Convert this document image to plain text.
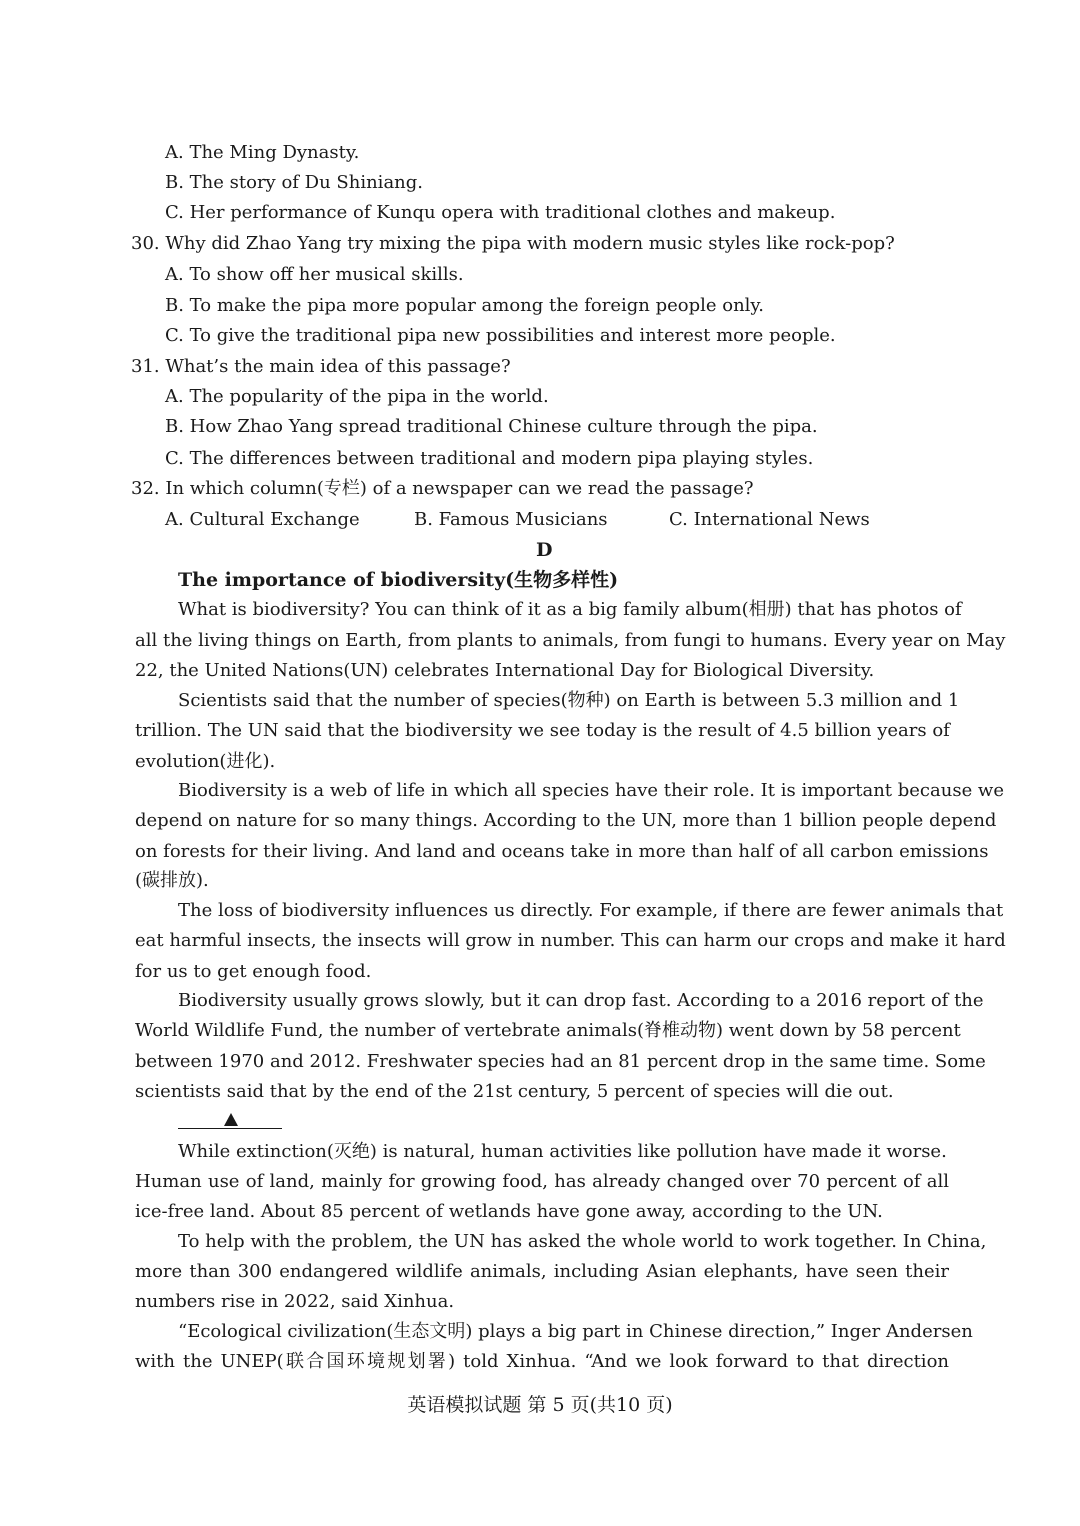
A. The Ming Dynasty.
B. The story of Du Shiniang.
C. Her performance of Kunqu opera with traditional clothes and makeup.
30. Why did Zhao Yang try mixing the pipa with modern music styles like rock-pop?
A. To show off her musical skills.
B. To make the pipa more popular among the foreign people only.
C. To give the traditional pipa new possibilities and interest more people.
31. What’s the main idea of this passage?
A. The popularity of the pipa in the world.
B. How Zhao Yang spread traditional Chinese culture through the pipa.
C. The differences between traditional and modern pipa playing styles.
32. In which column(专栏) of a newspaper can we read the passage?
A. Cultural Exchange	B. Famous Musicians	C. International News
D
The importance of biodiversity(生物多样性)
What is biodiversity? You can think of it as a big family album(相册) that has photos of
all the living things on Earth, from plants to animals, from fungi to humans. Every year on May
22, the United Nations(UN) celebrates International Day for Biological Diversity.
Scientists said that the number of species(物种) on Earth is between 5.3 million and 1
trillion. The UN said that the biodiversity we see today is the result of 4.5 billion years of
evolution(进化).
Biodiversity is a web of life in which all species have their role. It is important because we
depend on nature for so many things. According to the UN, more than 1 billion people depend
on forests for their living. And land and oceans take in more than half of all carbon emissions
(碳排放).
The loss of biodiversity influences us directly. For example, if there are fewer animals that
eat harmful insects, the insects will grow in number. This can harm our crops and make it hard
for us to get enough food.
Biodiversity usually grows slowly, but it can drop fast. According to a 2016 report of the
World Wildlife Fund, the number of vertebrate animals(脊椎动物) went down by 58 percent
between 1970 and 2012. Freshwater species had an 81 percent drop in the same time. Some
scientists said that by the end of the 21st century, 5 percent of species will die out.
While extinction(灭绝) is natural, human activities like pollution have made it worse.
Human use of land, mainly for growing food, has already changed over 70 percent of all
ice-free land. About 85 percent of wetlands have gone away, according to the UN.
To help with the problem, the UN has asked the whole world to work together. In China,
more than 300 endangered wildlife animals, including Asian elephants, have seen their
numbers rise in 2022, said Xinhua.
“Ecological civilization(生态文明) plays a big part in Chinese direction,” Inger Andersen
with the UNEP(联合国环境规划署) told Xinhua. “And we look forward to that direction
英语模拟试题 第 5 页(共10 页)
